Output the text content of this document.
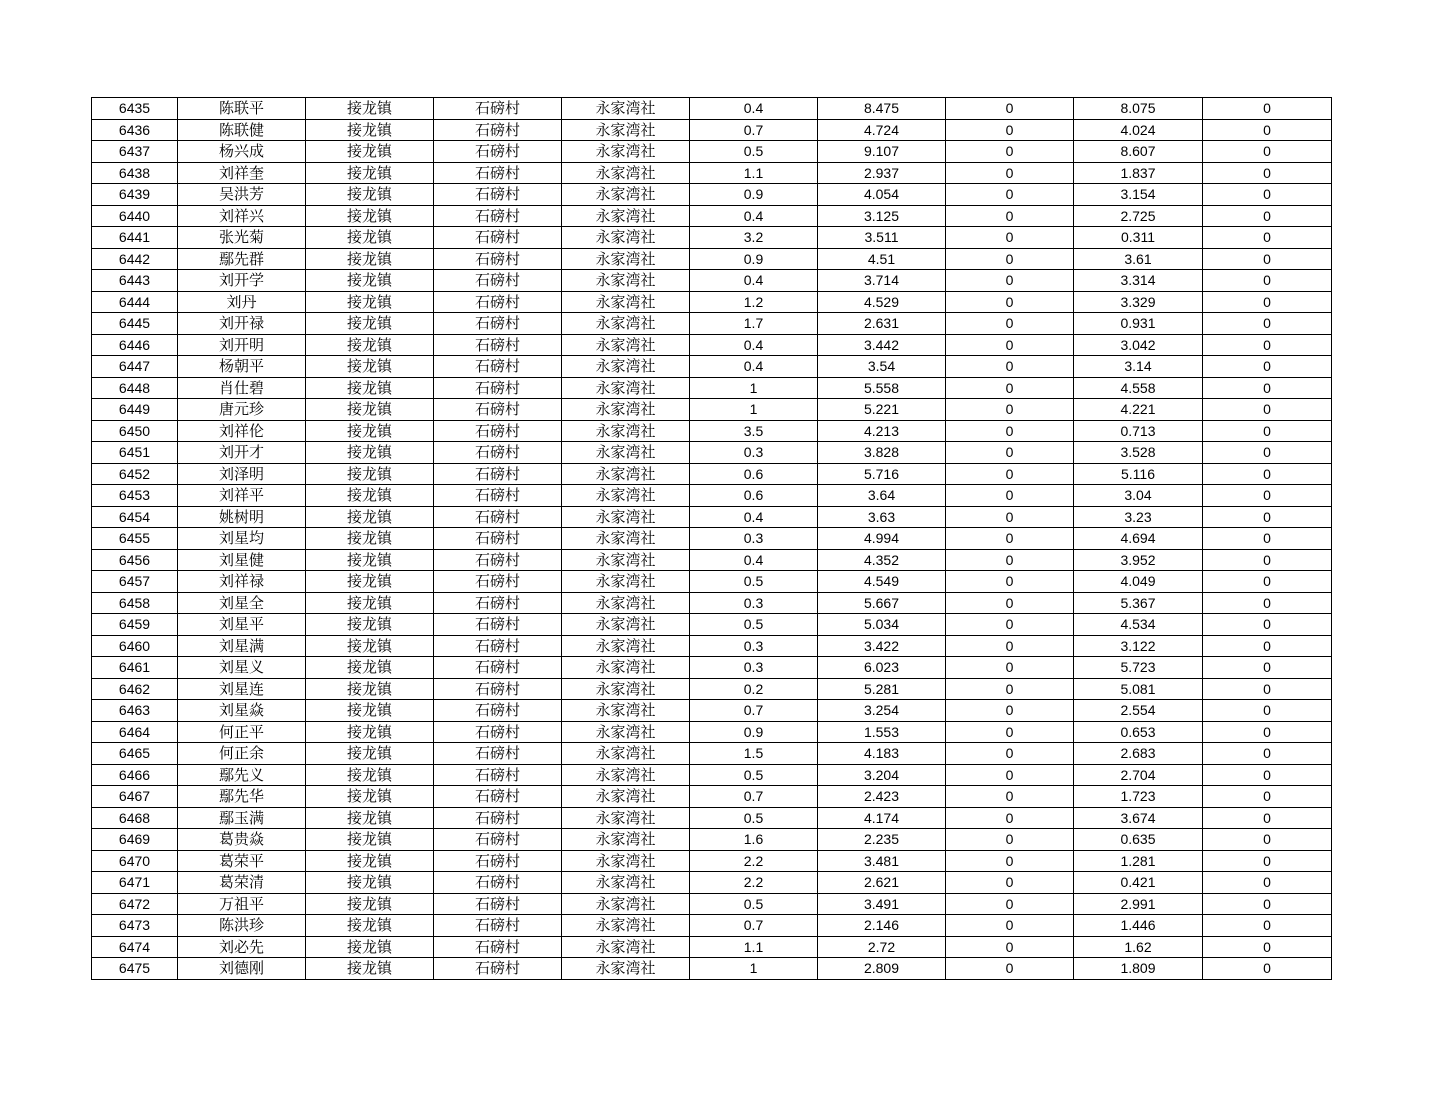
6435	陈联平	接龙镇	石磅村	永家湾社	0.4	8.475	0	8.075	0
6436	陈联健	接龙镇	石磅村	永家湾社	0.7	4.724	0	4.024	0
6437	杨兴成	接龙镇	石磅村	永家湾社	0.5	9.107	0	8.607	0
6438	刘祥奎	接龙镇	石磅村	永家湾社	1.1	2.937	0	1.837	0
6439	吴洪芳	接龙镇	石磅村	永家湾社	0.9	4.054	0	3.154	0
6440	刘祥兴	接龙镇	石磅村	永家湾社	0.4	3.125	0	2.725	0
6441	张光菊	接龙镇	石磅村	永家湾社	3.2	3.511	0	0.311	0
6442	鄢先群	接龙镇	石磅村	永家湾社	0.9	4.51	0	3.61	0
6443	刘开学	接龙镇	石磅村	永家湾社	0.4	3.714	0	3.314	0
6444	刘丹	接龙镇	石磅村	永家湾社	1.2	4.529	0	3.329	0
6445	刘开禄	接龙镇	石磅村	永家湾社	1.7	2.631	0	0.931	0
6446	刘开明	接龙镇	石磅村	永家湾社	0.4	3.442	0	3.042	0
6447	杨朝平	接龙镇	石磅村	永家湾社	0.4	3.54	0	3.14	0
6448	肖仕碧	接龙镇	石磅村	永家湾社	1	5.558	0	4.558	0
6449	唐元珍	接龙镇	石磅村	永家湾社	1	5.221	0	4.221	0
6450	刘祥伦	接龙镇	石磅村	永家湾社	3.5	4.213	0	0.713	0
6451	刘开才	接龙镇	石磅村	永家湾社	0.3	3.828	0	3.528	0
6452	刘泽明	接龙镇	石磅村	永家湾社	0.6	5.716	0	5.116	0
6453	刘祥平	接龙镇	石磅村	永家湾社	0.6	3.64	0	3.04	0
6454	姚树明	接龙镇	石磅村	永家湾社	0.4	3.63	0	3.23	0
6455	刘星均	接龙镇	石磅村	永家湾社	0.3	4.994	0	4.694	0
6456	刘星健	接龙镇	石磅村	永家湾社	0.4	4.352	0	3.952	0
6457	刘祥禄	接龙镇	石磅村	永家湾社	0.5	4.549	0	4.049	0
6458	刘星全	接龙镇	石磅村	永家湾社	0.3	5.667	0	5.367	0
6459	刘星平	接龙镇	石磅村	永家湾社	0.5	5.034	0	4.534	0
6460	刘星满	接龙镇	石磅村	永家湾社	0.3	3.422	0	3.122	0
6461	刘星义	接龙镇	石磅村	永家湾社	0.3	6.023	0	5.723	0
6462	刘星连	接龙镇	石磅村	永家湾社	0.2	5.281	0	5.081	0
6463	刘星焱	接龙镇	石磅村	永家湾社	0.7	3.254	0	2.554	0
6464	何正平	接龙镇	石磅村	永家湾社	0.9	1.553	0	0.653	0
6465	何正余	接龙镇	石磅村	永家湾社	1.5	4.183	0	2.683	0
6466	鄢先义	接龙镇	石磅村	永家湾社	0.5	3.204	0	2.704	0
6467	鄢先华	接龙镇	石磅村	永家湾社	0.7	2.423	0	1.723	0
6468	鄢玉满	接龙镇	石磅村	永家湾社	0.5	4.174	0	3.674	0
6469	葛贵焱	接龙镇	石磅村	永家湾社	1.6	2.235	0	0.635	0
6470	葛荣平	接龙镇	石磅村	永家湾社	2.2	3.481	0	1.281	0
6471	葛荣清	接龙镇	石磅村	永家湾社	2.2	2.621	0	0.421	0
6472	万祖平	接龙镇	石磅村	永家湾社	0.5	3.491	0	2.991	0
6473	陈洪珍	接龙镇	石磅村	永家湾社	0.7	2.146	0	1.446	0
6474	刘必先	接龙镇	石磅村	永家湾社	1.1	2.72	0	1.62	0
6475	刘德刚	接龙镇	石磅村	永家湾社	1	2.809	0	1.809	0
